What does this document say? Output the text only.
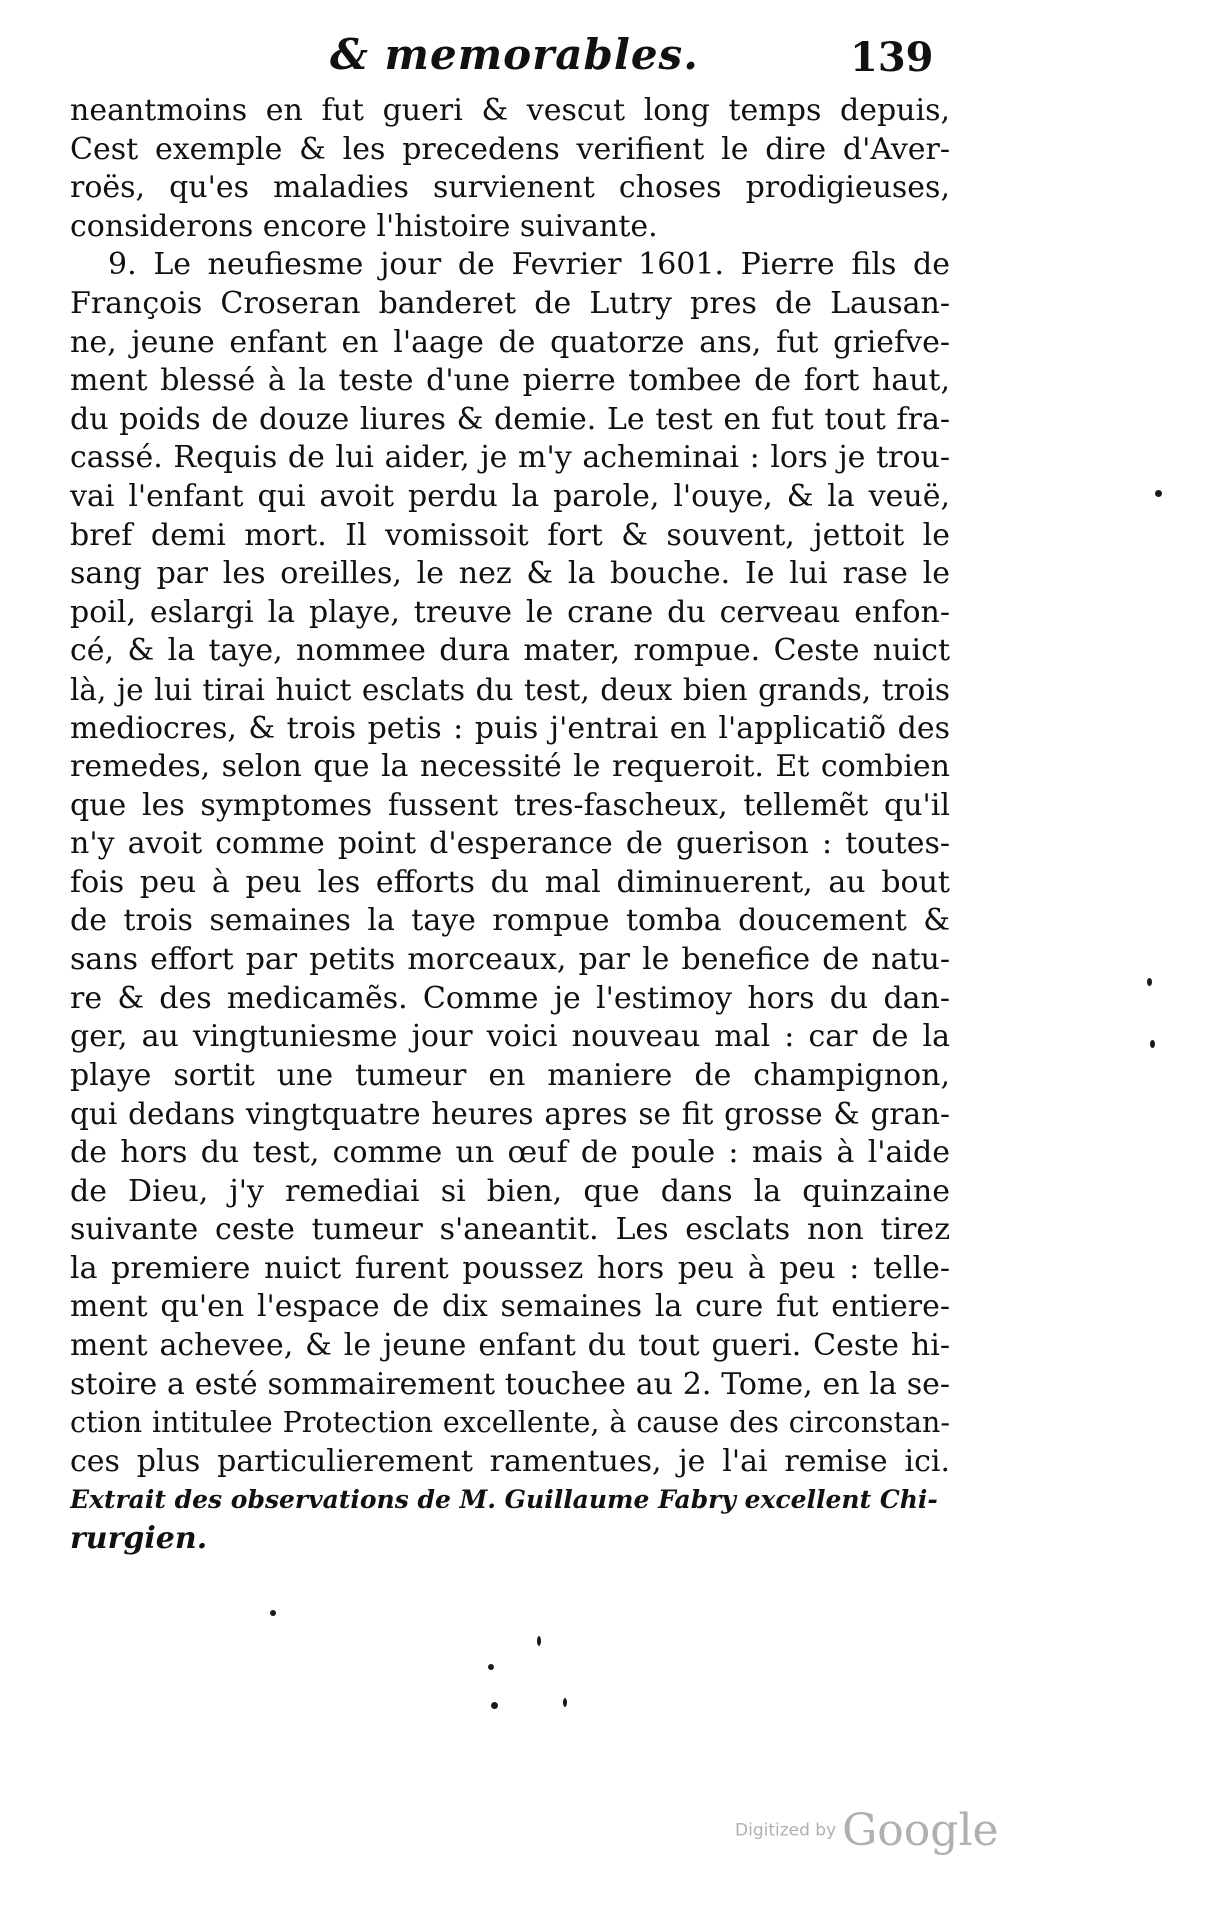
& memorables.	139
neantmoins en fut gueri & vescut long temps depuis,
Cest exemple & les precedens verifient le dire d'Aver-
roës, qu'es maladies survienent choses prodigieuses,
considerons encore l'histoire suivante.
9. Le neufiesme jour de Fevrier 1601. Pierre fils de
François Croseran banderet de Lutry pres de Lausan-
ne, jeune enfant en l'aage de quatorze ans, fut griefve-
ment blessé à la teste d'une pierre tombee de fort haut,
du poids de douze liures & demie. Le test en fut tout fra-
cassé. Requis de lui aider, je m'y acheminai : lors je trou-
vai l'enfant qui avoit perdu la parole, l'ouye, & la veuë,
bref demi mort. Il vomissoit fort & souvent, jettoit le
sang par les oreilles, le nez & la bouche. Ie lui rase le
poil, eslargi la playe, treuve le crane du cerveau enfon-
cé, & la taye, nommee dura mater, rompue. Ceste nuict
là, je lui tirai huict esclats du test, deux bien grands, trois
mediocres, & trois petis : puis j'entrai en l'applicatiõ des
remedes, selon que la necessité le requeroit. Et combien
que les symptomes fussent tres-fascheux, tellemẽt qu'il
n'y avoit comme point d'esperance de guerison : toutes-
fois peu à peu les efforts du mal diminuerent, au bout
de trois semaines la taye rompue tomba doucement &
sans effort par petits morceaux, par le benefice de natu-
re & des medicamẽs. Comme je l'estimoy hors du dan-
ger, au vingtuniesme jour voici nouveau mal : car de la
playe sortit une tumeur en maniere de champignon,
qui dedans vingtquatre heures apres se fit grosse & gran-
de hors du test, comme un œuf de poule : mais à l'aide
de Dieu, j'y remediai si bien, que dans la quinzaine
suivante ceste tumeur s'aneantit. Les esclats non tirez
la premiere nuict furent poussez hors peu à peu : telle-
ment qu'en l'espace de dix semaines la cure fut entiere-
ment achevee, & le jeune enfant du tout gueri. Ceste hi-
stoire a esté sommairement touchee au 2. Tome, en la se-
ction intitulee Protection excellente, à cause des circonstan-
ces plus particulierement ramentues, je l'ai remise ici.
Extrait des observations de M. Guillaume Fabry excellent Chi-
rurgien.
Digitized by Google
